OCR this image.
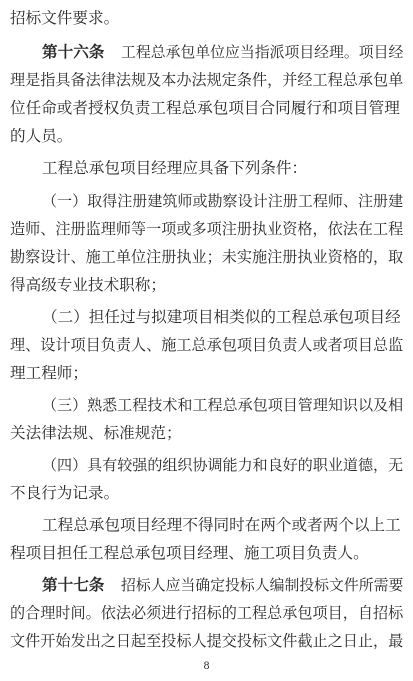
招标文件要求。
第十六条 工程总承包单位应当指派项目经理。项目经
理是指具备法律法规及本办法规定条件，并经工程总承包单
位任命或者授权负责工程总承包项目合同履行和项目管理
的人员。
工程总承包项目经理应具备下列条件：
（一）取得注册建筑师或勘察设计注册工程师、注册建
造师、注册监理师等一项或多项注册执业资格，依法在工程
勘察设计、施工单位注册执业；未实施注册执业资格的，取
得高级专业技术职称；
（二）担任过与拟建项目相类似的工程总承包项目经
理、设计项目负责人、施工总承包项目负责人或者项目总监
理工程师；
（三）熟悉工程技术和工程总承包项目管理知识以及相
关法律法规、标准规范；
（四）具有较强的组织协调能力和良好的职业道德，无
不良行为记录。
工程总承包项目经理不得同时在两个或者两个以上工
程项目担任工程总承包项目经理、施工项目负责人。
第十七条 招标人应当确定投标人编制投标文件所需要
的合理时间。依法必须进行招标的工程总承包项目，自招标
文件开始发出之日起至投标人提交投标文件截止之日止，最
8
